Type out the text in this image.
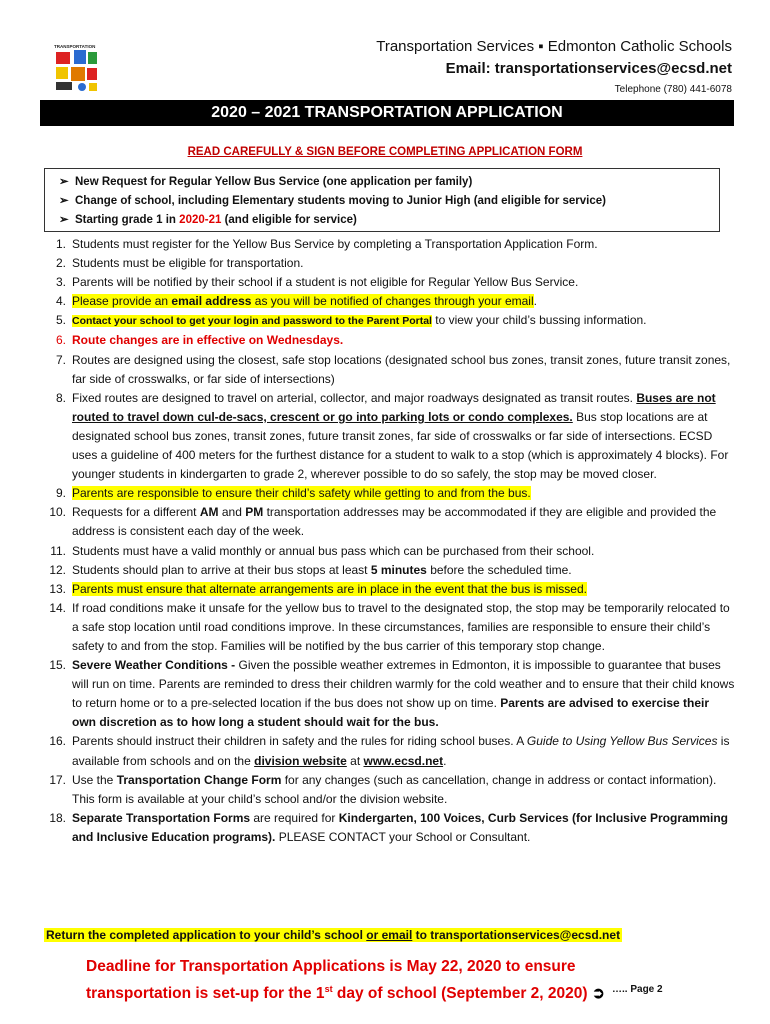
TRANSPORTATION	Transportation Services ▪ Edmonton Catholic Schools
Email: transportationservices@ecsd.net
Telephone (780) 441-6078
2020 – 2021 TRANSPORTATION APPLICATION
READ CAREFULLY & SIGN BEFORE COMPLETING APPLICATION FORM
➢ New Request for Regular Yellow Bus Service (one application per family)
➢ Change of school, including Elementary students moving to Junior High (and eligible for service)
➢ Starting grade 1 in 2020-21 (and eligible for service)
1. Students must register for the Yellow Bus Service by completing a Transportation Application Form.
2. Students must be eligible for transportation.
3. Parents will be notified by their school if a student is not eligible for Regular Yellow Bus Service.
4. Please provide an email address as you will be notified of changes through your email.
5. Contact your school to get your login and password to the Parent Portal to view your child’s bussing information.
6. Route changes are in effective on Wednesdays.
7. Routes are designed using the closest, safe stop locations (designated school bus zones, transit zones, future transit zones, far side of crosswalks, or far side of intersections)
8. Fixed routes are designed to travel on arterial, collector, and major roadways designated as transit routes. Buses are not routed to travel down cul-de-sacs, crescent or go into parking lots or condo complexes. Bus stop locations are at designated school bus zones, transit zones, future transit zones, far side of crosswalks or far side of intersections. ECSD uses a guideline of 400 meters for the furthest distance for a student to walk to a stop (which is approximately 4 blocks). For younger students in kindergarten to grade 2, wherever possible to do so safely, the stop may be moved closer.
9. Parents are responsible to ensure their child’s safety while getting to and from the bus.
10. Requests for a different AM and PM transportation addresses may be accommodated if they are eligible and provided the address is consistent each day of the week.
11. Students must have a valid monthly or annual bus pass which can be purchased from their school.
12. Students should plan to arrive at their bus stops at least 5 minutes before the scheduled time.
13. Parents must ensure that alternate arrangements are in place in the event that the bus is missed.
14. If road conditions make it unsafe for the yellow bus to travel to the designated stop, the stop may be temporarily relocated to a safe stop location until road conditions improve. In these circumstances, families are responsible to ensure their child’s safety to and from the stop. Families will be notified by the bus carrier of this temporary stop change.
15. Severe Weather Conditions - Given the possible weather extremes in Edmonton, it is impossible to guarantee that buses will run on time. Parents are reminded to dress their children warmly for the cold weather and to ensure that their child knows to return home or to a pre-selected location if the bus does not show up on time. Parents are advised to exercise their own discretion as to how long a student should wait for the bus.
16. Parents should instruct their children in safety and the rules for riding school buses. A Guide to Using Yellow Bus Services is available from schools and on the division website at www.ecsd.net.
17. Use the Transportation Change Form for any changes (such as cancellation, change in address or contact information). This form is available at your child’s school and/or the division website.
18. Separate Transportation Forms are required for Kindergarten, 100 Voices, Curb Services (for Inclusive Programming and Inclusive Education programs). PLEASE CONTACT your School or Consultant.
Return the completed application to your child’s school or email to transportationservices@ecsd.net
Deadline for Transportation Applications is May 22, 2020 to ensure
transportation is set-up for the 1st day of school (September 2, 2020) ➲ ….. Page 2
